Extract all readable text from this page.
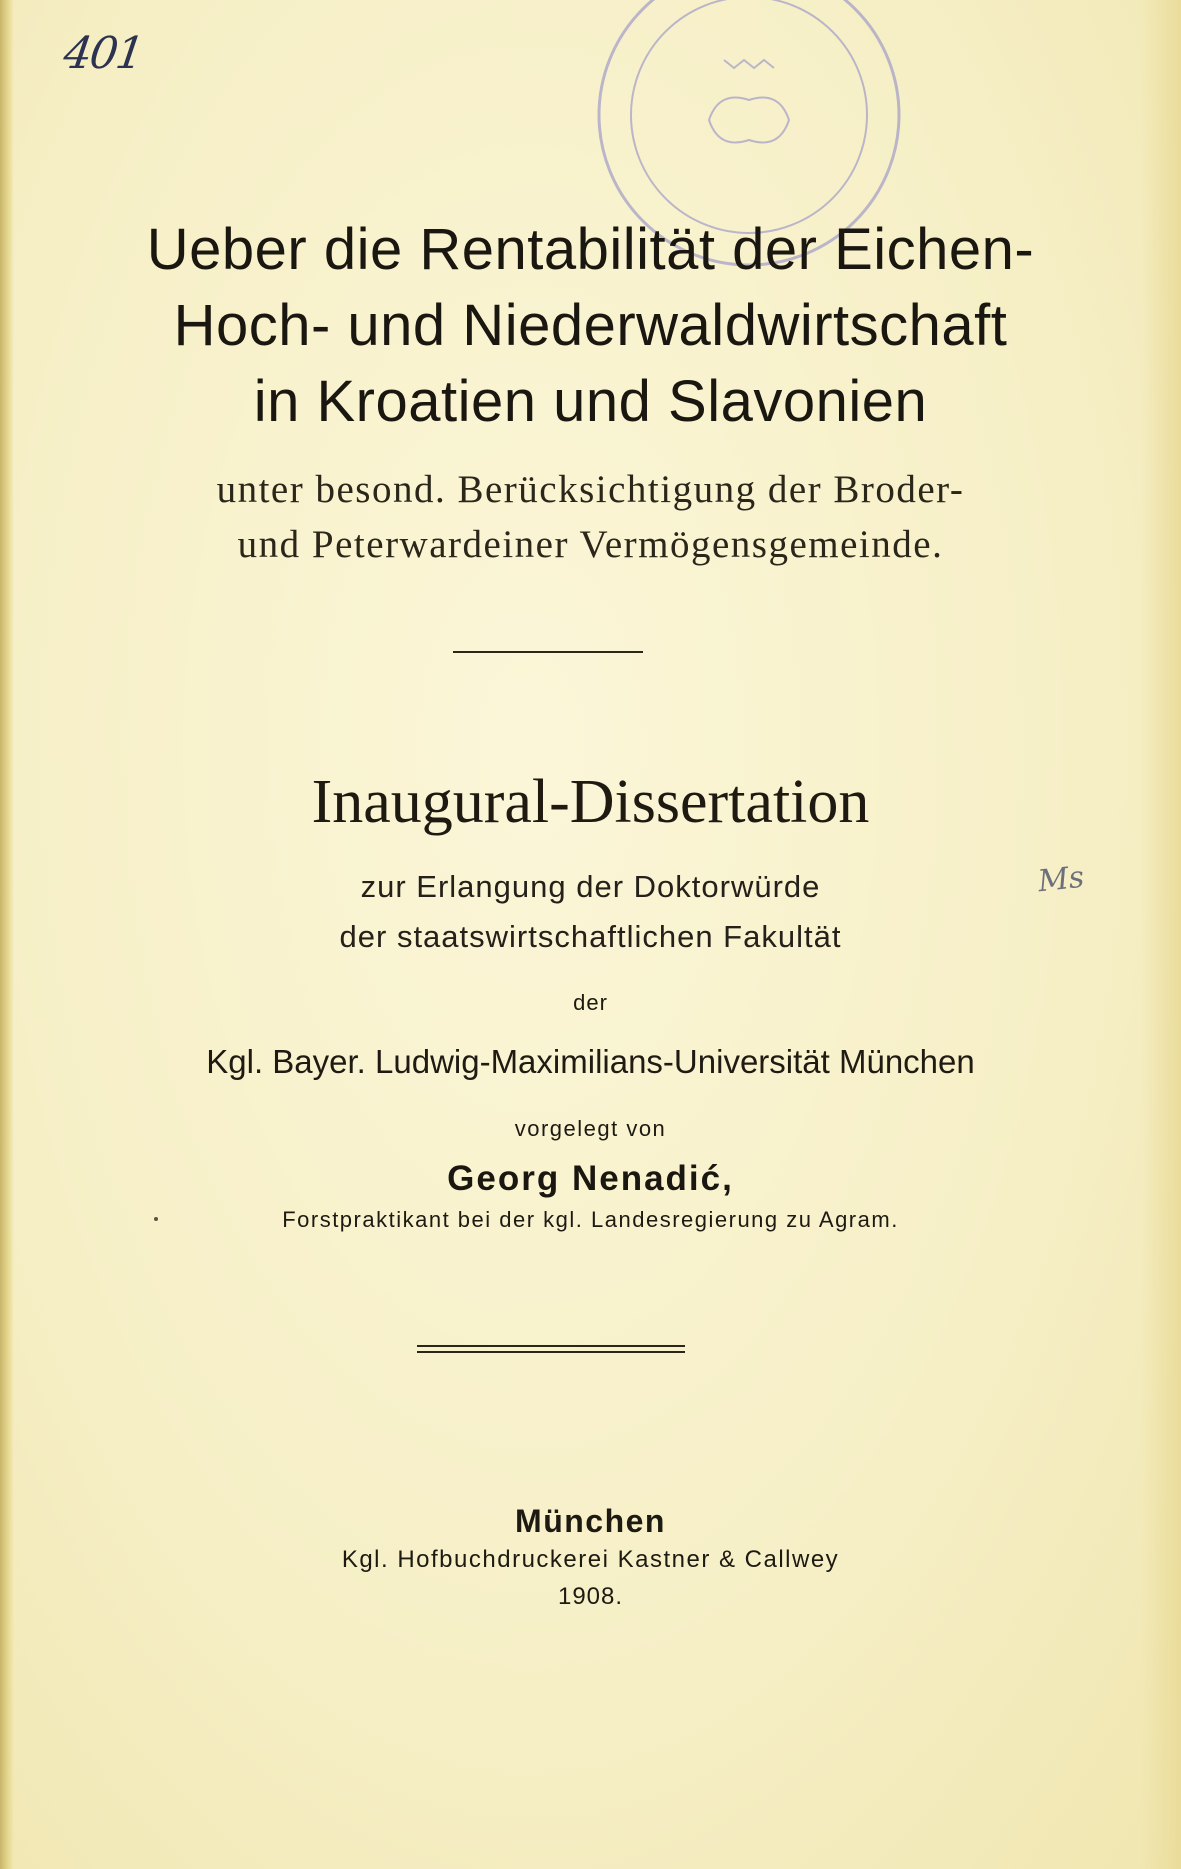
401
Ueber die Rentabilität der Eichen-
Hoch- und Niederwaldwirtschaft
in Kroatien und Slavonien
unter besond. Berücksichtigung der Broder-
und Peterwardeiner Vermögensgemeinde.
Inaugural-Dissertation
zur Erlangung der Doktorwürde
der staatswirtschaftlichen Fakultät
Ms
der
Kgl. Bayer. Ludwig-Maximilians-Universität München
vorgelegt von
Georg Nenadić,
Forstpraktikant bei der kgl. Landesregierung zu Agram.
München
Kgl. Hofbuchdruckerei Kastner & Callwey
1908.
